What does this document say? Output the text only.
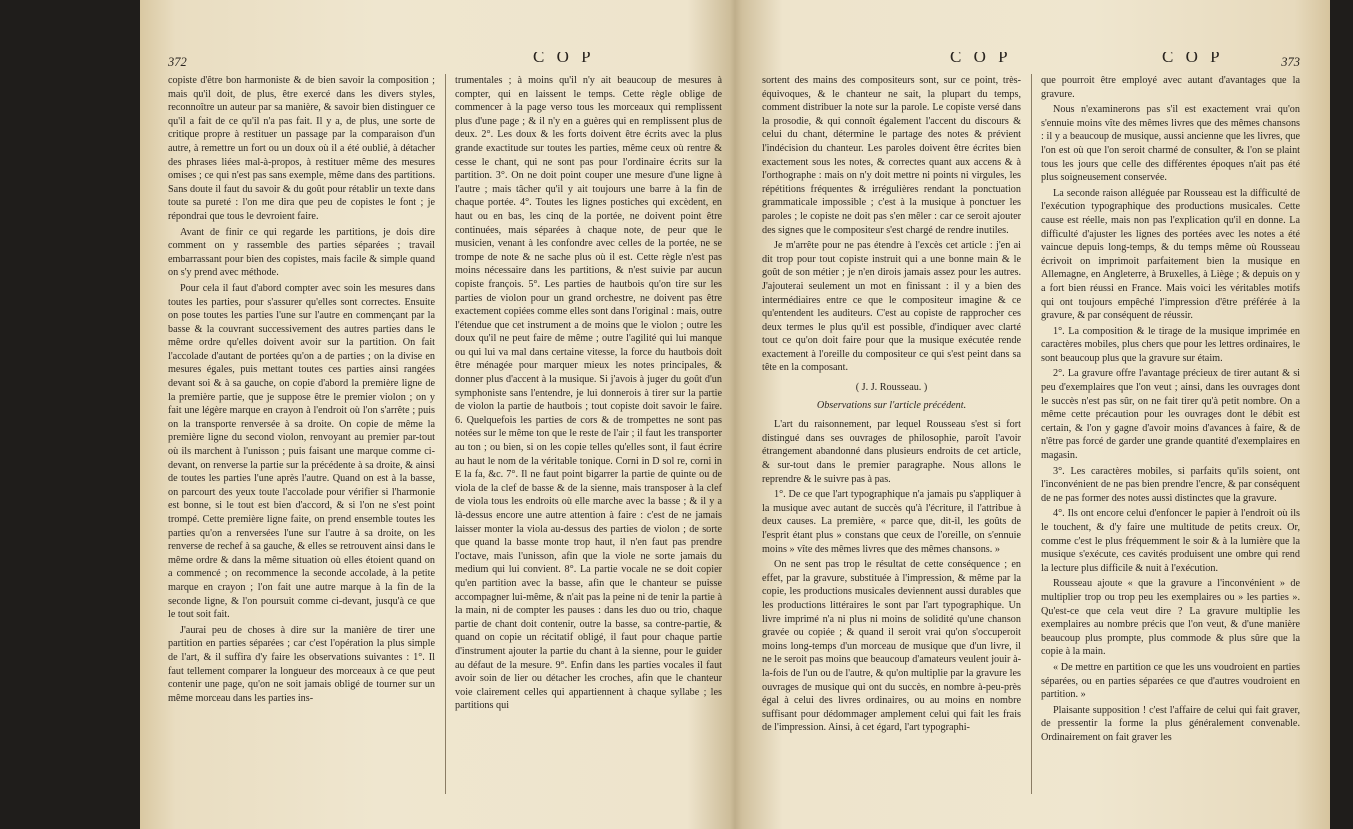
372	C O P

copiste d'être bon harmoniste & de bien savoir la composition ; mais qu'il doit, de plus, être exercé dans les divers styles, reconnoître un auteur par sa manière, & savoir bien distinguer ce qu'il a fait de ce qu'il n'a pas fait. Il y a, de plus, une sorte de critique propre à restituer un passage par la comparaison d'un autre, à remettre un fort ou un doux où il a été oublié, à détacher des phrases liées mal-à-propos, à restituer même des mesures omises ; ce qui n'est pas sans exemple, même dans des partitions. Sans doute il faut du savoir & du goût pour rétablir un texte dans toute sa pureté : l'on me dira que peu de copistes le font ; je répondrai que tous le devroient faire.

Avant de finir ce qui regarde les partitions, je dois dire comment on y rassemble des parties séparées ; travail embarrassant pour bien des copistes, mais facile & simple quand on s'y prend avec méthode.

Pour cela il faut d'abord compter avec soin les mesures dans toutes les parties, pour s'assurer qu'elles sont correctes. Ensuite on pose toutes les parties l'une sur l'autre en commençant par la basse & la couvrant successivement des autres parties dans le même ordre qu'elles doivent avoir sur la partition. On fait l'accolade d'autant de portées qu'on a de parties ; on la divise en mesures égales, puis mettant toutes ces parties ainsi rangées devant soi & à sa gauche, on copie d'abord la première ligne de la première partie, que je suppose être le premier violon ; on y fait une légère marque en crayon à l'endroit où l'on s'arrête ; puis on la transporte renversée à sa droite. On copie de même la première ligne du second violon, renvoyant au premier par-tout où ils marchent à l'unisson ; puis faisant une marque comme ci-devant, on renverse la partie sur la précédente à sa droite, & ainsi de toutes les parties l'une après l'autre. Quand on est à la basse, on parcourt des yeux toute l'accolade pour vérifier si l'harmonie est bonne, si le tout est bien d'accord, & si l'on ne s'est point trompé. Cette première ligne faite, on prend ensemble toutes les parties qu'on a renversées l'une sur l'autre à sa droite, on les renverse de rechef à sa gauche, & elles se retrouvent ainsi dans le même ordre & dans la même situation où elles étoient quand on a commencé ; on recommence la seconde accolade, à la petite marque en crayon ; l'on fait une autre marque à la fin de la seconde ligne, & l'on poursuit comme ci-devant, jusqu'à ce que le tout soit fait.

J'aurai peu de choses à dire sur la manière de tirer une partition en parties séparées ; car c'est l'opération la plus simple de l'art, & il suffira d'y faire les observations suivantes : 1°. Il faut tellement comparer la longueur des morceaux à ce que peut contenir une page, qu'on ne soit jamais obligé de tourner sur un même morceau dans les parties ins-

trumentales ; à moins qu'il n'y ait beaucoup de mesures à compter, qui en laissent le temps. Cette règle oblige de commencer à la page verso tous les morceaux qui remplissent plus d'une page ; & il n'y en a guères qui en remplissent plus de deux. 2°. Les doux & les forts doivent être écrits avec la plus grande exactitude sur toutes les parties, même ceux où rentre & cesse le chant, qui ne sont pas pour l'ordinaire écrits sur la partition. 3°. On ne doit point couper une mesure d'une ligne à l'autre ; mais tâcher qu'il y ait toujours une barre à la fin de chaque portée. 4°. Toutes les lignes postiches qui excèdent, en haut ou en bas, les cinq de la portée, ne doivent point être continuées, mais séparées à chaque note, de peur que le musicien, venant à les confondre avec celles de la portée, ne se trompe de note & ne sache plus où il est. Cette règle n'est pas moins nécessaire dans les partitions, & n'est suivie par aucun copiste françois. 5°. Les parties de hautbois qu'on tire sur les parties de violon pour un grand orchestre, ne doivent pas être exactement copiées comme elles sont dans l'original : mais, outre l'étendue que cet instrument a de moins que le violon ; outre les doux qu'il ne peut faire de même ; outre l'agilité qui lui manque ou qui lui va mal dans certaine vitesse, la force du hautbois doit être ménagée pour marquer mieux les notes principales, & donner plus d'accent à la musique. Si j'avois à juger du goût d'un symphoniste sans l'entendre, je lui donnerois à tirer sur la partie de violon la partie de hautbois ; tout copiste doit savoir le faire. 6. Quelquefois les parties de cors & de trompettes ne sont pas notées sur le même ton que le reste de l'air ; il faut les transporter au ton ; ou bien, si on les copie telles qu'elles sont, il faut écrire au haut le nom de la véritable tonique. Corni in D sol re, corni in E la fa, &c. 7°. Il ne faut point bigarrer la partie de quinte ou de viola de la clef de basse & de la sienne, mais transposer à la clef de viola tous les endroits où elle marche avec la basse ; & il y a là-dessus encore une autre attention à faire : c'est de ne jamais laisser monter la viola au-dessus des parties de violon ; de sorte que quand la basse monte trop haut, il n'en faut pas prendre l'octave, mais l'unisson, afin que la viole ne sorte jamais du medium qui lui convient. 8°. La partie vocale ne se doit copier qu'en partition avec la basse, afin que le chanteur se puisse accompagner lui-même, & n'ait pas la peine ni de tenir la partie à la main, ni de compter les pauses : dans les duo ou trio, chaque partie de chant doit contenir, outre la basse, sa contre-partie, & quand on copie un récitatif obligé, il faut pour chaque partie d'instrument ajouter la partie du chant à la sienne, pour le guider au défaut de la mesure. 9°. Enfin dans les parties vocales il faut avoir soin de lier ou détacher les croches, afin que le chanteur voie clairement celles qui appartiennent à chaque syllabe ; les partitions qui

C O P	C O P	373

sortent des mains des compositeurs sont, sur ce point, très-équivoques, & le chanteur ne sait, la plupart du temps, comment distribuer la note sur la parole. Le copiste versé dans la prosodie, & qui connoît également l'accent du discours & celui du chant, détermine le partage des notes & prévient l'indécision du chanteur. Les paroles doivent être écrites bien exactement sous les notes, & correctes quant aux accens & à l'orthographe : mais on n'y doit mettre ni points ni virgules, les répétitions fréquentes & irrégulières rendant la ponctuation grammaticale impossible ; c'est à la musique à ponctuer les paroles ; le copiste ne doit pas s'en mêler : car ce seroit ajouter des signes que le compositeur s'est chargé de rendre inutiles.

Je m'arrête pour ne pas étendre à l'excès cet article : j'en ai dit trop pour tout copiste instruit qui a une bonne main & le goût de son métier ; je n'en dirois jamais assez pour les autres. J'ajouterai seulement un mot en finissant : il y a bien des intermédiaires entre ce que le compositeur imagine & ce qu'entendent les auditeurs. C'est au copiste de rapprocher ces deux termes le plus qu'il est possible, d'indiquer avec clarté tout ce qu'on doit faire pour que la musique exécutée rende exactement à l'oreille du compositeur ce qui s'est peint dans sa tête en la composant.

( J. J. Rousseau. )

Observations sur l'article précédent.

L'art du raisonnement, par lequel Rousseau s'est si fort distingué dans ses ouvrages de philosophie, paroît l'avoir étrangement abandonné dans plusieurs endroits de cet article, & sur-tout dans le premier paragraphe. Nous allons le reprendre & le suivre pas à pas.

1°. De ce que l'art typographique n'a jamais pu s'appliquer à la musique avec autant de succès qu'à l'écriture, il l'attribue à deux causes. La première, « parce que, dit-il, les goûts de l'esprit étant plus » constans que ceux de l'oreille, on s'ennuie moins » vîte des mêmes livres que des mêmes chansons. »

On ne sent pas trop le résultat de cette conséquence ; en effet, par la gravure, substituée à l'impression, & même par la copie, les productions musicales deviennent aussi durables que les productions littéraires le sont par l'art typographique. Un livre imprimé n'a ni plus ni moins de solidité qu'une chanson gravée ou copiée ; & quand il seroit vrai qu'on s'occuperoit moins long-temps d'un morceau de musique que d'un livre, il ne le seroit pas moins que beaucoup d'amateurs veulent jouir à-la-fois de l'un ou de l'autre, & qu'on multiplie par la gravure les ouvrages de musique qui ont du succès, en nombre à-peu-près égal à celui des livres ordinaires, ou au moins en nombre suffisant pour dédommager amplement celui qui fait les frais de l'impression. Ainsi, à cet égard, l'art typographi-

que pourroit être employé avec autant d'avantages que la gravure.

Nous n'examinerons pas s'il est exactement vrai qu'on s'ennuie moins vîte des mêmes livres que des mêmes chansons : il y a beaucoup de musique, aussi ancienne que les livres, que l'on est où que l'on seroit charmé de consulter, & l'on se plaint tous les jours que celle des différentes époques n'ait pas été plus soigneusement conservée.

La seconde raison alléguée par Rousseau est la difficulté de l'exécution typographique des productions musicales. Cette cause est réelle, mais non pas l'explication qu'il en donne. La difficulté d'ajuster les lignes des portées avec les notes a été vaincue depuis long-temps, & du temps même où Rousseau écrivoit on imprimoit parfaitement bien la musique en Allemagne, en Angleterre, à Bruxelles, à Liège ; & depuis on y a fort bien réussi en France. Mais voici les véritables motifs qui ont toujours empêché l'impression d'être préférée à la gravure, & par conséquent de réussir.

1°. La composition & le tirage de la musique imprimée en caractères mobiles, plus chers que pour les lettres ordinaires, le sont beaucoup plus que la gravure sur étaim.

2°. La gravure offre l'avantage précieux de tirer autant & si peu d'exemplaires que l'on veut ; ainsi, dans les ouvrages dont le succès n'est pas sûr, on ne fait tirer qu'à petit nombre. On a même cette précaution pour les ouvrages dont le débit est certain, & l'on y gagne d'avoir moins d'avances à faire, & de n'être pas forcé de garder une grande quantité d'exemplaires en magasin.

3°. Les caractères mobiles, si parfaits qu'ils soient, ont l'inconvénient de ne pas bien prendre l'encre, & par conséquent de ne pas former des notes aussi distinctes que la gravure.

4°. Ils ont encore celui d'enfoncer le papier à l'endroit où ils le touchent, & d'y faire une multitude de petits creux. Or, comme c'est le plus fréquemment le soir & à la lumière que la musique s'exécute, ces cavités produisent une ombre qui rend la lecture plus difficile & nuit à l'exécution.

Rousseau ajoute « que la gravure a l'inconvénient » de multiplier trop ou trop peu les exemplaires ou » les parties ». Qu'est-ce que cela veut dire ? La gravure multiplie les exemplaires au nombre précis que l'on veut, & d'une manière beaucoup plus prompte, plus commode & plus sûre que la copie à la main.

« De mettre en partition ce que les uns voudroient en parties séparées, ou en parties séparées ce que d'autres voudroient en partition. »

Plaisante supposition ! c'est l'affaire de celui qui fait graver, de pressentir la forme la plus généralement convenable. Ordinairement on fait graver les
